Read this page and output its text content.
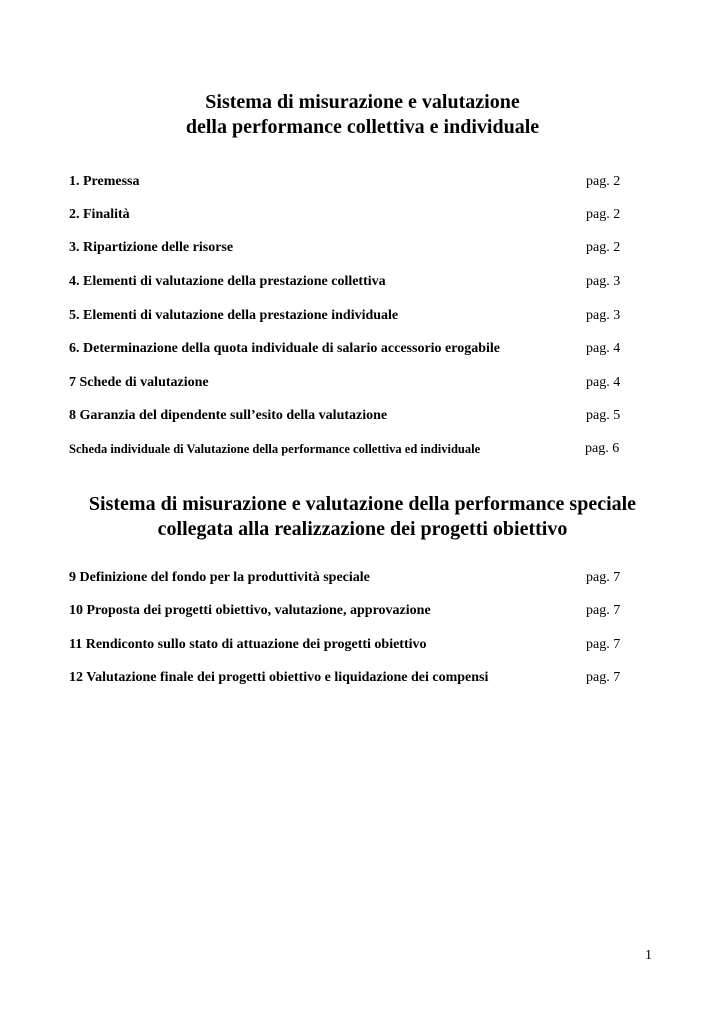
Sistema di misurazione e valutazione
della performance collettiva e individuale
1. Premessa	pag. 2
2. Finalità	pag. 2
3. Ripartizione delle risorse	pag. 2
4. Elementi di valutazione della prestazione collettiva	pag. 3
5. Elementi di valutazione della prestazione individuale	pag. 3
6. Determinazione della quota individuale di salario accessorio erogabile	pag. 4
7 Schede di valutazione	pag. 4
8 Garanzia del dipendente sull’esito della valutazione	pag. 5
Scheda individuale di Valutazione della performance collettiva ed individuale	pag. 6
Sistema di misurazione e valutazione della performance speciale
collegata alla realizzazione dei progetti obiettivo
9 Definizione del fondo per la produttività speciale	pag. 7
10 Proposta dei progetti obiettivo, valutazione, approvazione	pag. 7
11 Rendiconto sullo stato di attuazione dei progetti obiettivo	pag. 7
12 Valutazione finale dei progetti obiettivo e liquidazione dei compensi	pag. 7
1
